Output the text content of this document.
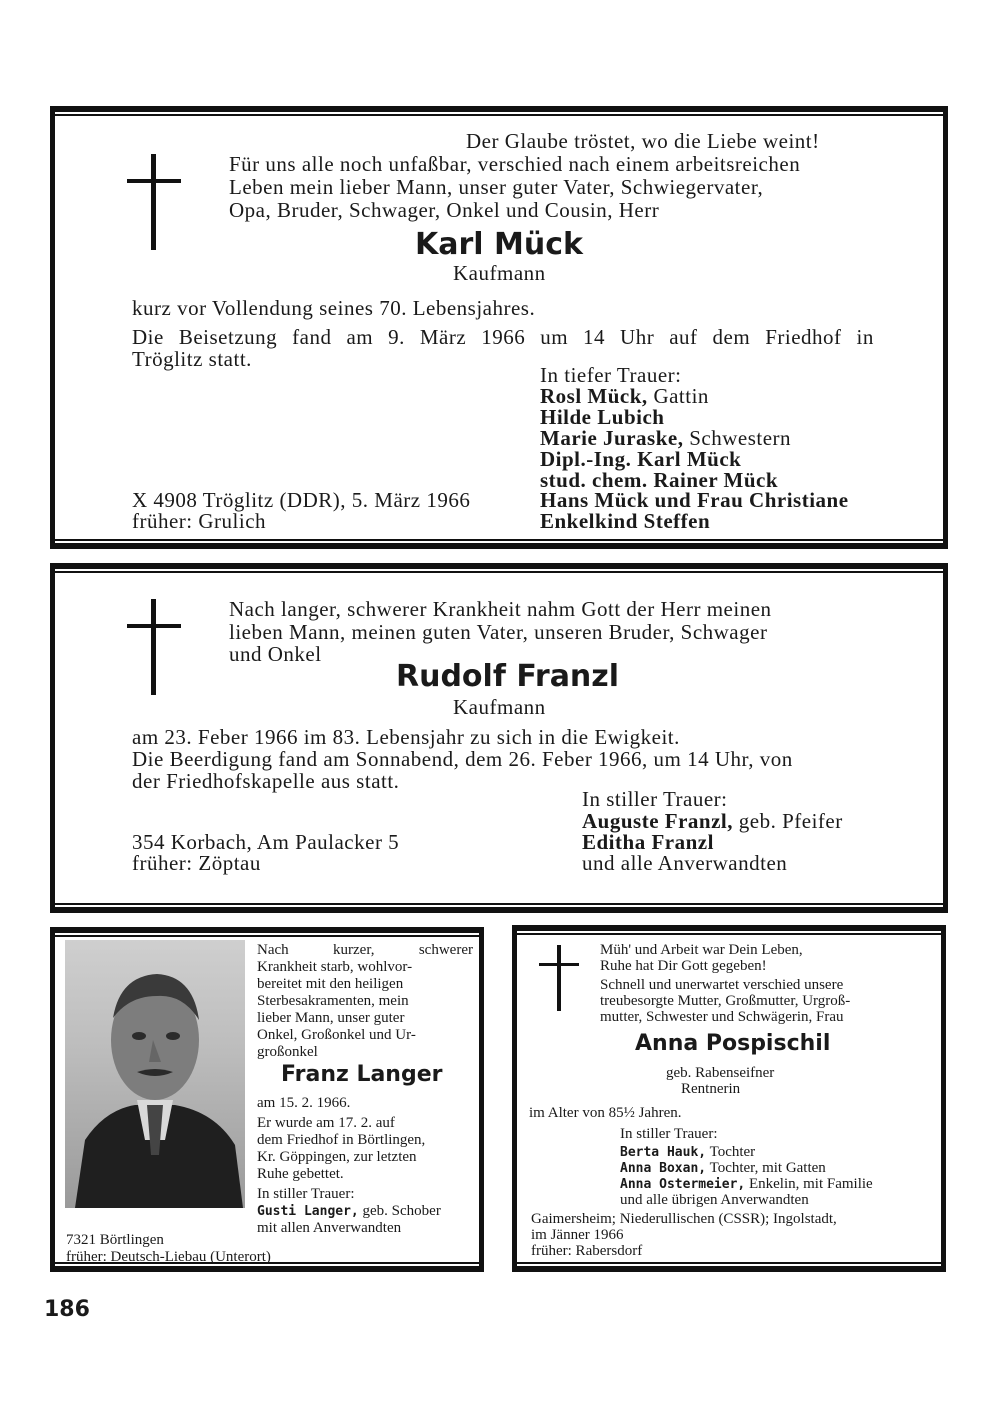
Der Glaube tröstet, wo die Liebe weint!
Für uns alle noch unfaßbar, verschied nach einem arbeitsreichen
Leben mein lieber Mann, unser guter Vater, Schwiegervater,
Opa, Bruder, Schwager, Onkel und Cousin, Herr
Karl Mück
Kaufmann
kurz vor Vollendung seines 70. Lebensjahres.
Die Beisetzung fand am 9. März 1966 um 14 Uhr auf dem Friedhof in
Tröglitz statt.
In tiefer Trauer:
Rosl Mück, Gattin
Hilde Lubich
Marie Juraske, Schwestern
Dipl.-Ing. Karl Mück
stud. chem. Rainer Mück
Hans Mück und Frau Christiane
Enkelkind Steffen
X 4908 Tröglitz (DDR), 5. März 1966
früher: Grulich
Nach langer, schwerer Krankheit nahm Gott der Herr meinen
lieben Mann, meinen guten Vater, unseren Bruder, Schwager
und Onkel
Rudolf Franzl
Kaufmann
am 23. Feber 1966 im 83. Lebensjahr zu sich in die Ewigkeit.
Die Beerdigung fand am Sonnabend, dem 26. Feber 1966, um 14 Uhr, von
der Friedhofskapelle aus statt.
In stiller Trauer:
Auguste Franzl, geb. Pfeifer
Editha Franzl
und alle Anverwandten
354 Korbach, Am Paulacker 5
früher: Zöptau
Nach	kurzer,	schwerer
Krankheit starb, wohlvor-
bereitet mit den heiligen
Sterbesakramenten, mein
lieber Mann, unser guter
Onkel, Großonkel und Ur-
großonkel
Franz Langer
am 15. 2. 1966.
Er wurde am 17. 2. auf
dem Friedhof in Börtlingen,
Kr. Göppingen, zur letzten
Ruhe gebettet.
In stiller Trauer:
Gusti Langer, geb. Schober
mit allen Anverwandten
7321 Börtlingen
früher: Deutsch-Liebau (Unterort)
Müh' und Arbeit war Dein Leben,
Ruhe hat Dir Gott gegeben!
Schnell und unerwartet verschied unsere
treubesorgte Mutter, Großmutter, Urgroß-
mutter, Schwester und Schwägerin, Frau
Anna Pospischil
geb. Rabenseifner
Rentnerin
im Alter von 85½ Jahren.
In stiller Trauer:
Berta Hauk, Tochter
Anna Boxan, Tochter, mit Gatten
Anna Ostermeier, Enkelin, mit Familie
und alle übrigen Anverwandten
Gaimersheim; Niederullischen (CSSR); Ingolstadt,
im Jänner 1966
früher: Rabersdorf
186
